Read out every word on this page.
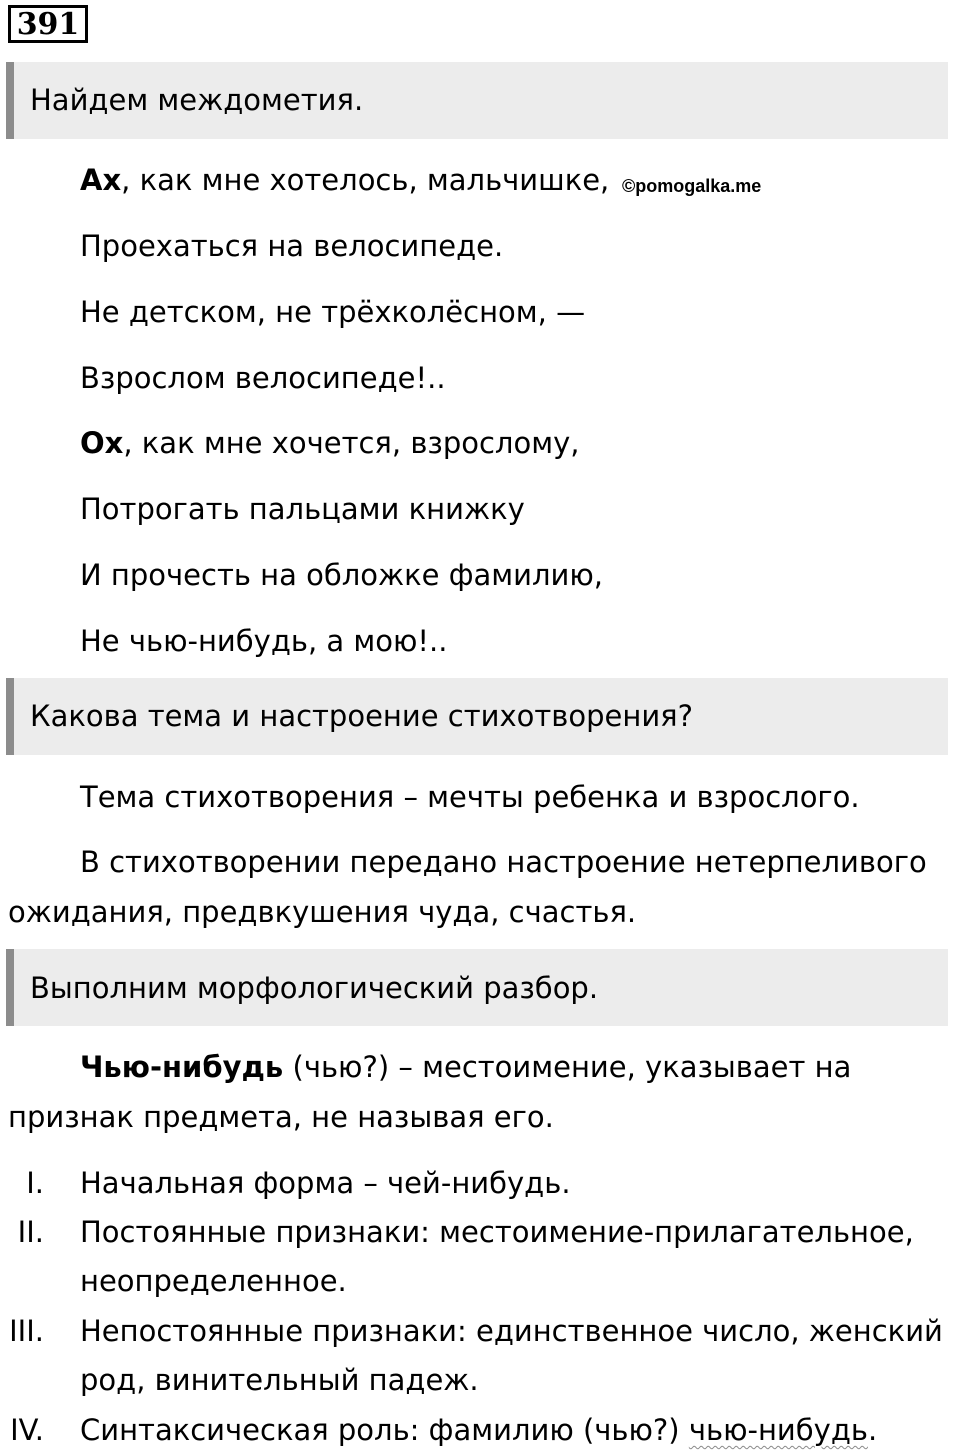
391
Найдем междометия.
Ах, как мне хотелось, мальчишке, ©pomogalka.me
Проехаться на велосипеде.
Не детском, не трёхколёсном, —
Взрослом велосипеде!..
Ох, как мне хочется, взрослому,
Потрогать пальцами книжку
И прочесть на обложке фамилию,
Не чью-нибудь, а мою!..
Какова тема и настроение стихотворения?
Тема стихотворения – мечты ребенка и взрослого.
В стихотворении передано настроение нетерпеливого
ожидания, предвкушения чуда, счастья.
Выполним морфологический разбор.
Чью-нибудь (чью?) – местоимение, указывает на
признак предмета, не называя его.
I. Начальная форма – чей-нибудь.
II. Постоянные признаки: местоимение-прилагательное,
неопределенное.
III. Непостоянные признаки: единственное число, женский
род, винительный падеж.
IV. Синтаксическая роль: фамилию (чью?) чью-нибудь.
